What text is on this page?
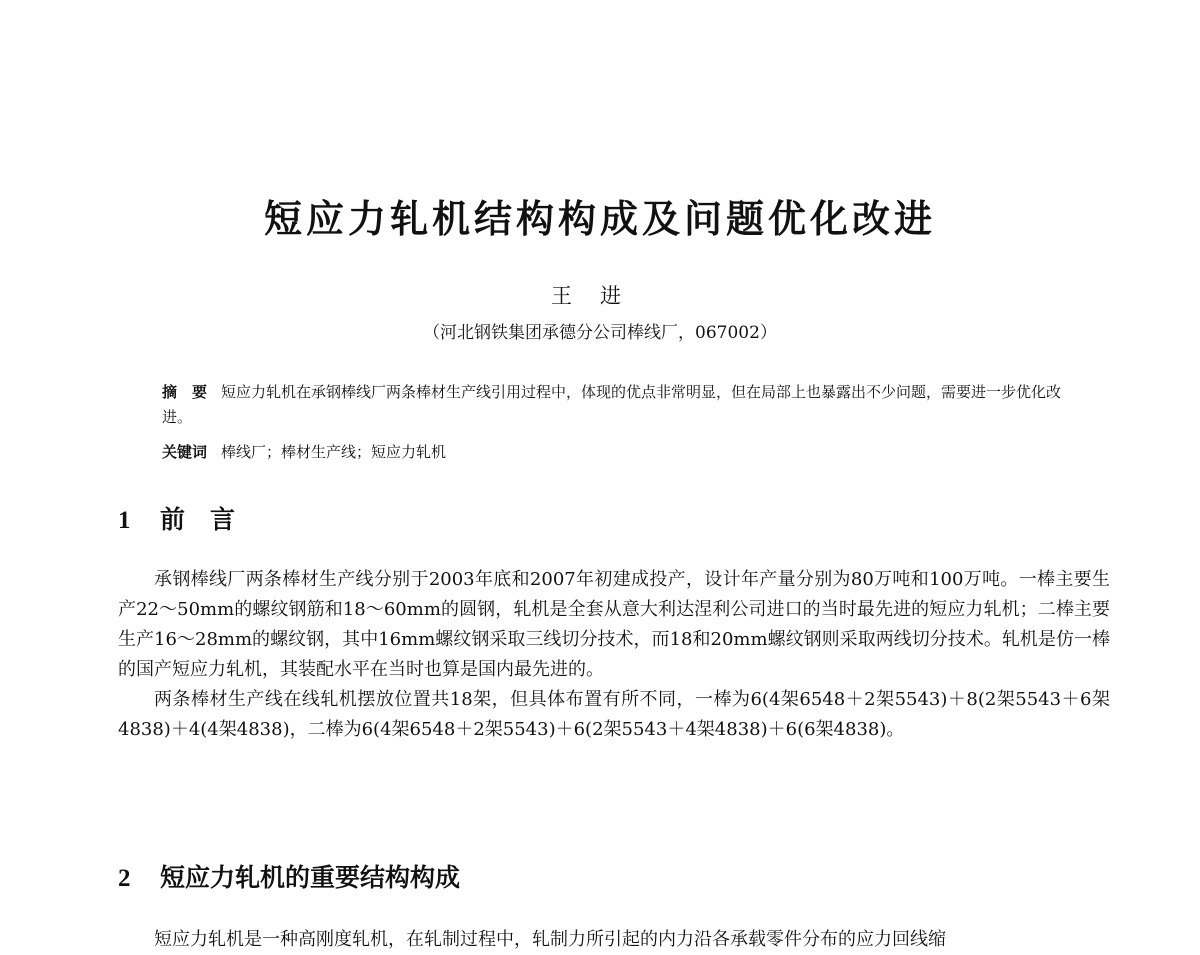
短应力轧机结构构成及问题优化改进
王进
（河北钢铁集团承德分公司棒线厂，067002）
摘　要 短应力轧机在承钢棒线厂两条棒材生产线引用过程中，体现的优点非常明显，但在局部上也暴露出不少问题，需要进一步优化改进。
关键词 棒线厂；棒材生产线；短应力轧机
1 前　言

承钢棒线厂两条棒材生产线分别于2003年底和2007年初建成投产，设计年产量分别为80万吨和100万吨。一棒主要生产22～50mm的螺纹钢筋和18～60mm的圆钢，轧机是全套从意大利达涅利公司进口的当时最先进的短应力轧机；二棒主要生产16～28mm的螺纹钢，其中16mm螺纹钢采取三线切分技术，而18和20mm螺纹钢则采取两线切分技术。轧机是仿一棒的国产短应力轧机，其装配水平在当时也算是国内最先进的。

两条棒材生产线在线轧机摆放位置共18架，但具体布置有所不同，一棒为6(4架6548＋2架5543)＋8(2架5543＋6架4838)＋4(4架4838)，二棒为6(4架6548＋2架5543)＋6(2架5543＋4架4838)＋6(6架4838)。

2 短应力轧机的重要结构构成

短应力轧机是一种高刚度轧机，在轧制过程中，轧制力所引起的内力沿各承载零件分布的应力回线缩
